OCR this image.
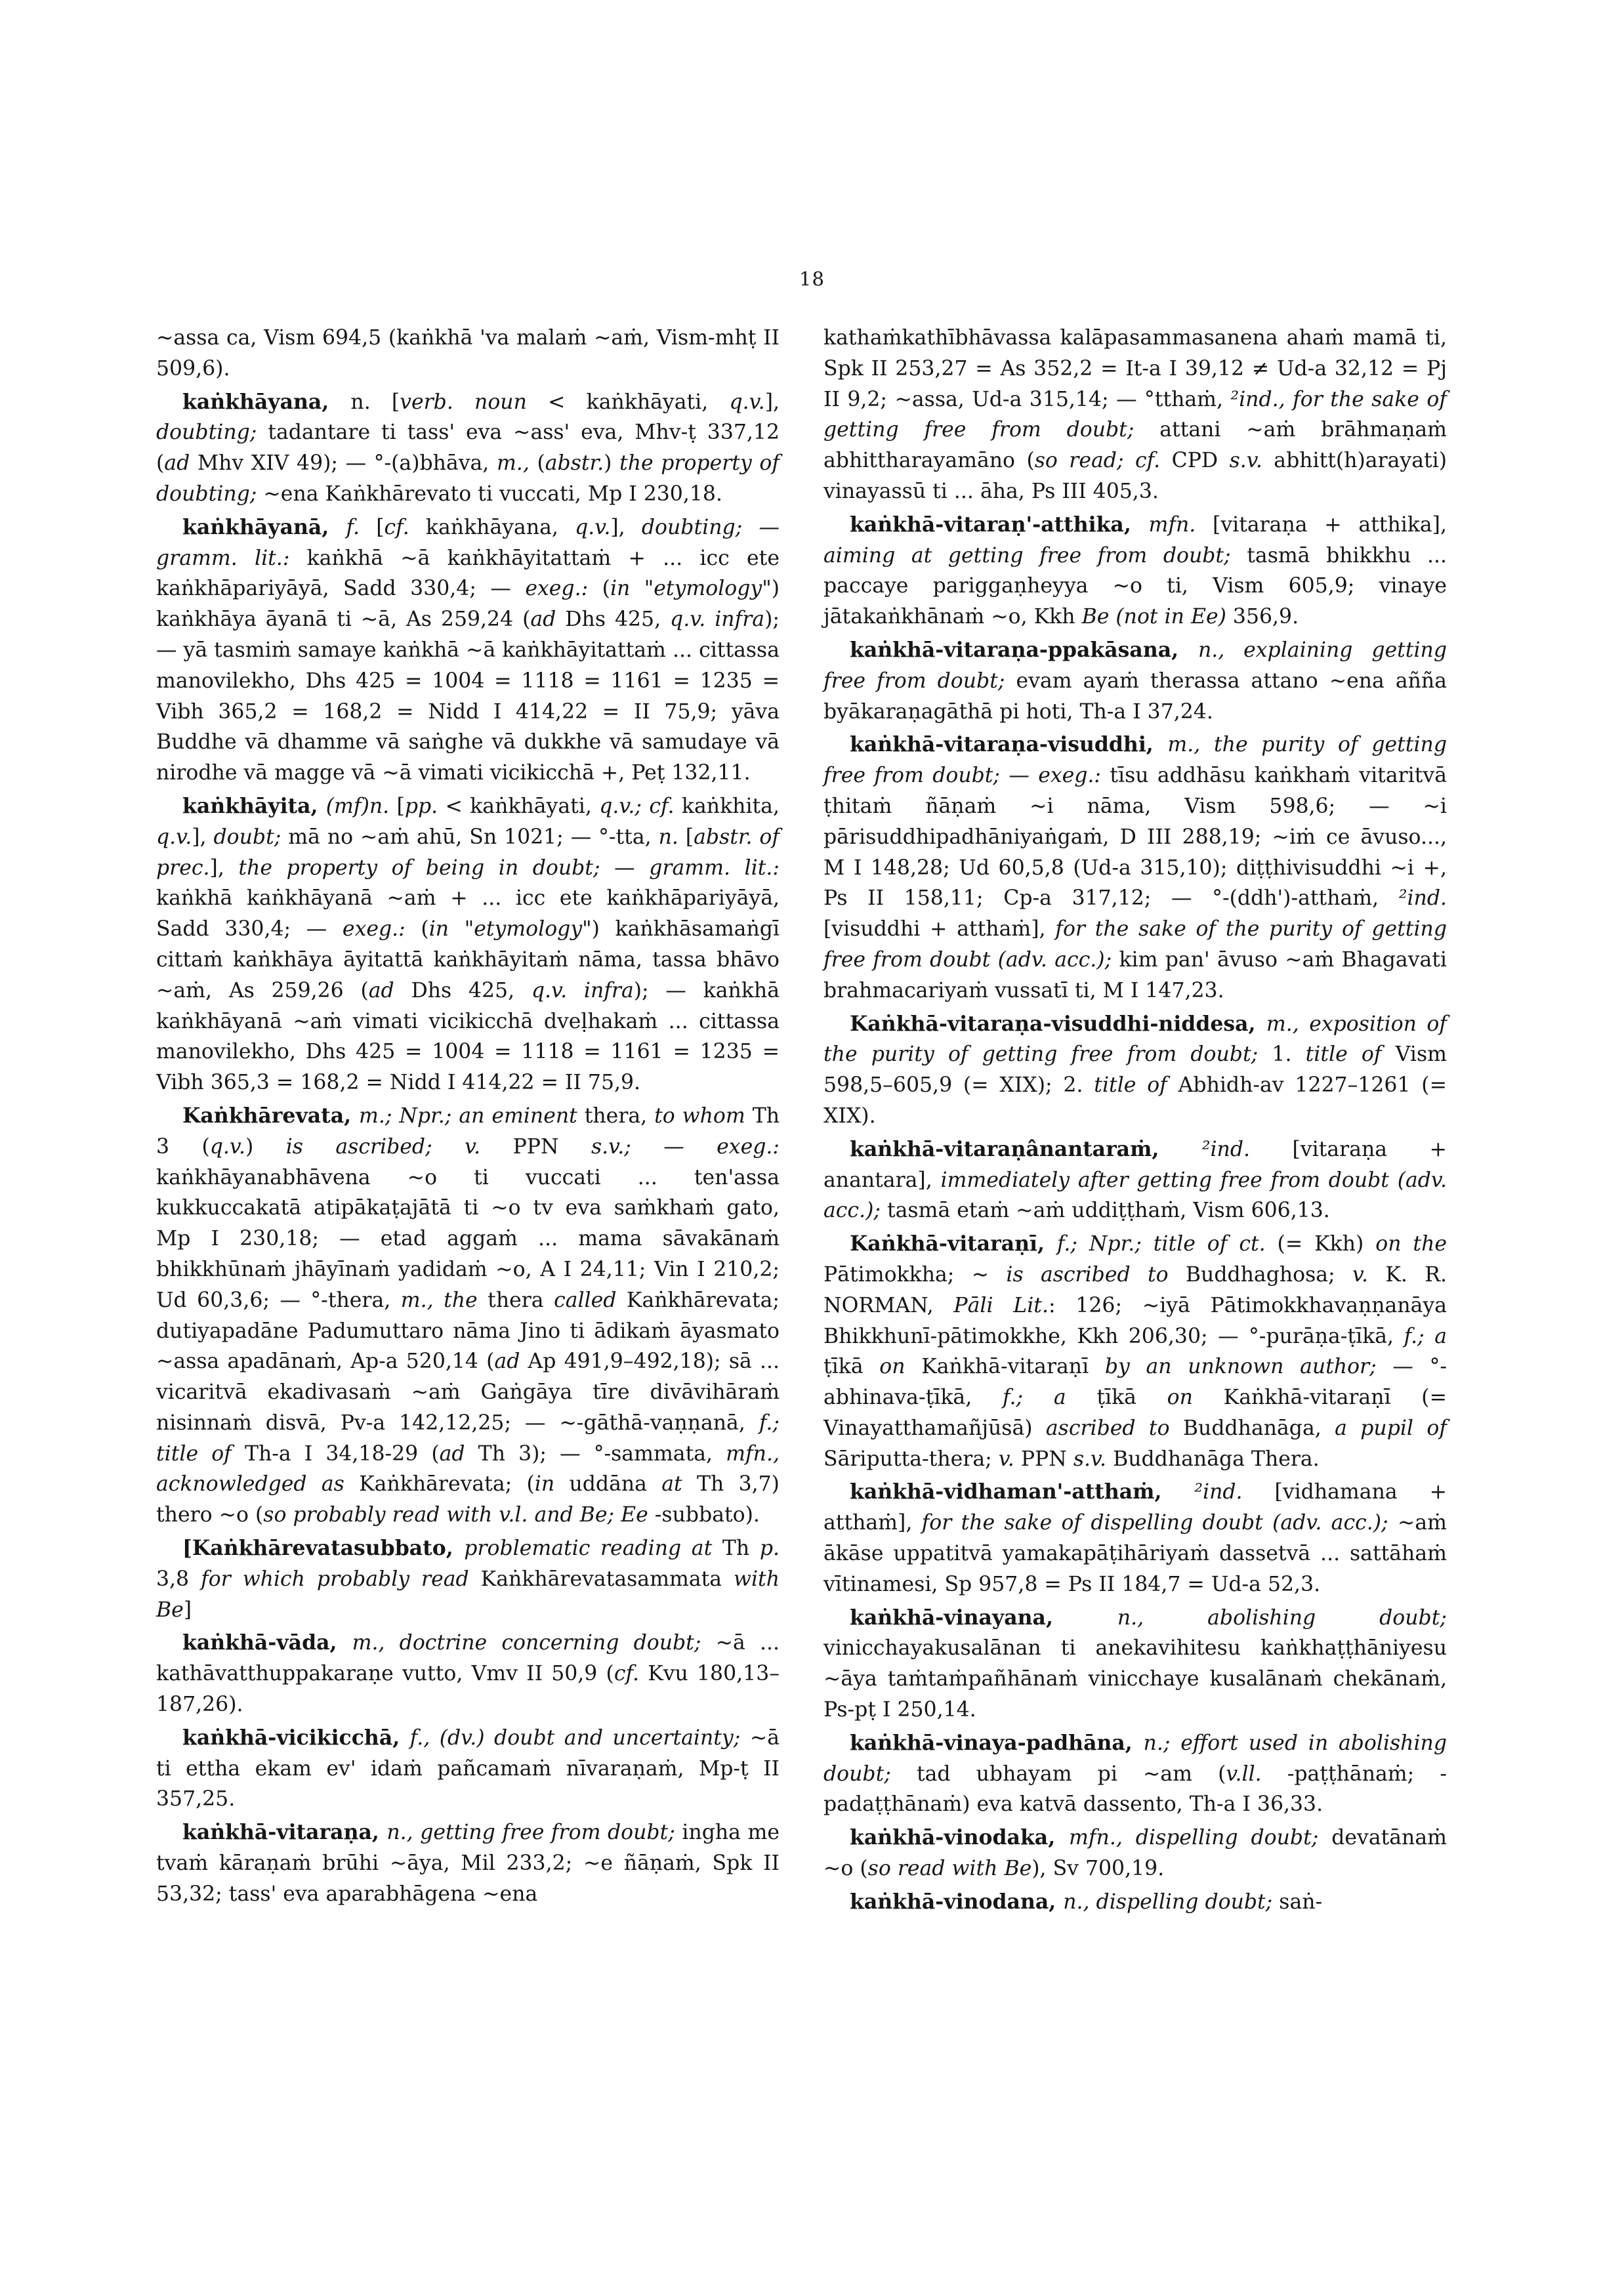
18

~assa ca, Vism 694,5 (kaṅkhā 'va malaṁ ~aṁ, Vism-mhṭ II 509,6).

kaṅkhāyana, n. [verb. noun < kaṅkhāyati, q.v.], doubting; tadantare ti tass' eva ~ass' eva, Mhv-ṭ 337,12 (ad Mhv XIV 49); — °-(a)bhāva, m., (abstr.) the property of doubting; ~ena Kaṅkhārevato ti vuccati, Mp I 230,18.

kaṅkhāyanā, f. [cf. kaṅkhāyana, q.v.], doubting; — gramm. lit.: kaṅkhā ~ā kaṅkhāyitattaṁ + ... icc ete kaṅkhāpariyāyā, Sadd 330,4; — exeg.: (in "etymology") kaṅkhāya āyanā ti ~ā, As 259,24 (ad Dhs 425, q.v. infra); — yā tasmiṁ samaye kaṅkhā ~ā kaṅkhāyitattaṁ ... cittassa manovilekho, Dhs 425 = 1004 = 1118 = 1161 = 1235 = Vibh 365,2 = 168,2 = Nidd I 414,22 = II 75,9; yāva Buddhe vā dhamme vā saṅghe vā dukkhe vā samudaye vā nirodhe vā magge vā ~ā vimati vicikicchā +, Peṭ 132,11.

kaṅkhāyita, (mf)n. [pp. < kaṅkhāyati, q.v.; cf. kaṅkhita, q.v.], doubt; mā no ~aṁ ahū, Sn 1021; — °-tta, n. [abstr. of prec.], the property of being in doubt; — gramm. lit.: kaṅkhā kaṅkhāyanā ~aṁ + ... icc ete kaṅkhāpariyāyā, Sadd 330,4; — exeg.: (in "etymology") kaṅkhāsamaṅgī cittaṁ kaṅkhāya āyitattā kaṅkhāyitaṁ nāma, tassa bhāvo ~aṁ, As 259,26 (ad Dhs 425, q.v. infra); — kaṅkhā kaṅkhāyanā ~aṁ vimati vicikicchā dveḷhakaṁ ... cittassa manovilekho, Dhs 425 = 1004 = 1118 = 1161 = 1235 = Vibh 365,3 = 168,2 = Nidd I 414,22 = II 75,9.

Kaṅkhārevata, m.; Npr.; an eminent thera, to whom Th 3 (q.v.) is ascribed; v. PPN s.v.; — exeg.: kaṅkhāyanabhāvena ~o ti vuccati ... ten'assa kukkuccakatā atipākaṭajātā ti ~o tv eva saṁkhaṁ gato, Mp I 230,18; — etad aggaṁ ... mama sāvakānaṁ bhikkhūnaṁ jhāyīnaṁ yadidaṁ ~o, A I 24,11; Vin I 210,2; Ud 60,3,6; — °-thera, m., the thera called Kaṅkhārevata; dutiyapadāne Padumuttaro nāma Jino ti ādikaṁ āyasmato ~assa apadānaṁ, Ap-a 520,14 (ad Ap 491,9–492,18); sā ... vicaritvā ekadivasaṁ ~aṁ Gaṅgāya tīre divāvihāraṁ nisinnaṁ disvā, Pv-a 142,12,25; — ~-gāthā-vaṇṇanā, f.; title of Th-a I 34,18-29 (ad Th 3); — °-sammata, mfn., acknowledged as Kaṅkhārevata; (in uddāna at Th 3,7) thero ~o (so probably read with v.l. and Be; Ee -subbato).

[Kaṅkhārevatasubbato, problematic reading at Th p. 3,8 for which probably read Kaṅkhārevatasammata with Be]

kaṅkhā-vāda, m., doctrine concerning doubt; ~ā ... kathāvatthuppakaraṇe vutto, Vmv II 50,9 (cf. Kvu 180,13–187,26).

kaṅkhā-vicikicchā, f., (dv.) doubt and uncertainty; ~ā ti ettha ekam ev' idaṁ pañcamaṁ nīvaraṇaṁ, Mp-ṭ II 357,25.

kaṅkhā-vitaraṇa, n., getting free from doubt; ingha me tvaṁ kāraṇaṁ brūhi ~āya, Mil 233,2; ~e ñāṇaṁ, Spk II 53,32; tass' eva aparabhāgena ~ena

kathaṁkathībhāvassa kalāpasammasanena ahaṁ mamā ti, Spk II 253,27 = As 352,2 = It-a I 39,12 ≠ Ud-a 32,12 = Pj II 9,2; ~assa, Ud-a 315,14; — °tthaṁ, ²ind., for the sake of getting free from doubt; attani ~aṁ brāhmaṇaṁ abhittharayamāno (so read; cf. CPD s.v. abhitt(h)arayati) vinayassū ti ... āha, Ps III 405,3.

kaṅkhā-vitaraṇ'-atthika, mfn. [vitaraṇa + atthika], aiming at getting free from doubt; tasmā bhikkhu ... paccaye pariggaṇheyya ~o ti, Vism 605,9; vinaye jātakaṅkhānaṁ ~o, Kkh Be (not in Ee) 356,9.

kaṅkhā-vitaraṇa-ppakāsana, n., explaining getting free from doubt; evam ayaṁ therassa attano ~ena añña byākaraṇagāthā pi hoti, Th-a I 37,24.

kaṅkhā-vitaraṇa-visuddhi, m., the purity of getting free from doubt; — exeg.: tīsu addhāsu kaṅkhaṁ vitaritvā ṭhitaṁ ñāṇaṁ ~i nāma, Vism 598,6; — ~i pārisuddhipadhāniyaṅgaṁ, D III 288,19; ~iṁ ce āvuso..., M I 148,28; Ud 60,5,8 (Ud-a 315,10); diṭṭhivisuddhi ~i +, Ps II 158,11; Cp-a 317,12; — °-(ddh')-atthaṁ, ²ind. [visuddhi + atthaṁ], for the sake of the purity of getting free from doubt (adv. acc.); kim pan' āvuso ~aṁ Bhagavati brahmacariyaṁ vussatī ti, M I 147,23.

Kaṅkhā-vitaraṇa-visuddhi-niddesa, m., exposition of the purity of getting free from doubt; 1. title of Vism 598,5–605,9 (= XIX); 2. title of Abhidh-av 1227–1261 (= XIX).

kaṅkhā-vitaraṇânantaraṁ, ²ind. [vitaraṇa + anantara], immediately after getting free from doubt (adv. acc.); tasmā etaṁ ~aṁ uddiṭṭhaṁ, Vism 606,13.

Kaṅkhā-vitaraṇī, f.; Npr.; title of ct. (= Kkh) on the Pātimokkha; ~ is ascribed to Buddhaghosa; v. K. R. NORMAN, Pāli Lit.: 126; ~iyā Pātimokkhavaṇṇanāya Bhikkhunī-pātimokkhe, Kkh 206,30; — °-purāṇa-ṭīkā, f.; a ṭīkā on Kaṅkhā-vitaraṇī by an unknown author; — °-abhinava-ṭīkā, f.; a ṭīkā on Kaṅkhā-vitaraṇī (= Vinayatthamañjūsā) ascribed to Buddhanāga, a pupil of Sāriputta-thera; v. PPN s.v. Buddhanāga Thera.

kaṅkhā-vidhaman'-atthaṁ, ²ind. [vidhamana + atthaṁ], for the sake of dispelling doubt (adv. acc.); ~aṁ ākāse uppatitvā yamakapāṭihāriyaṁ dassetvā ... sattāhaṁ vītinamesi, Sp 957,8 = Ps II 184,7 = Ud-a 52,3.

kaṅkhā-vinayana, n., abolishing doubt; vinicchayakusalānan ti anekavihitesu kaṅkhaṭṭhāniyesu ~āya taṁtaṁpañhānaṁ vinicchaye kusalānaṁ chekānaṁ, Ps-pṭ I 250,14.

kaṅkhā-vinaya-padhāna, n.; effort used in abolishing doubt; tad ubhayam pi ~am (v.ll. -paṭṭhānaṁ; -padaṭṭhānaṁ) eva katvā dassento, Th-a I 36,33.

kaṅkhā-vinodaka, mfn., dispelling doubt; devatānaṁ ~o (so read with Be), Sv 700,19.

kaṅkhā-vinodana, n., dispelling doubt; saṅ-
